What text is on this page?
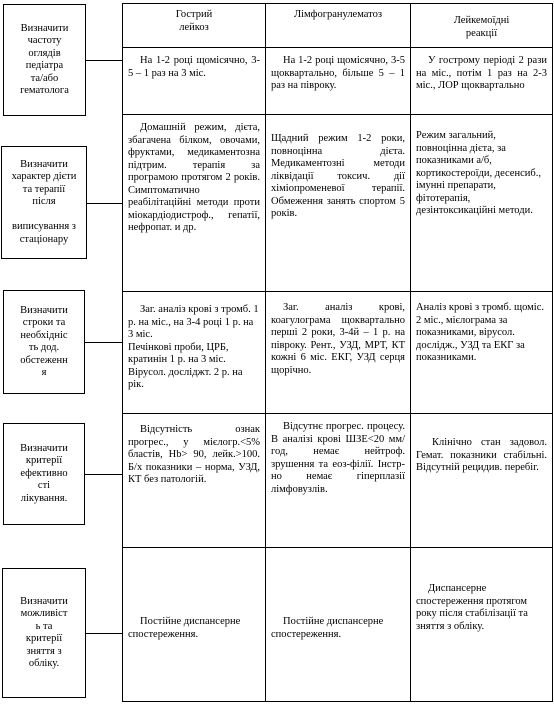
Визначити
частоту
оглядів
педіатра
та/або
гематолога
Визначити
характер дієти
та терапії
після

виписування з
стаціонару
Визначити
строки та
необхідніс
ть дод.
обстеженн
я
Визначити
критерії
ефективно
сті
лікування.
Визначити
можливіст
ь та
критерії
зняття з
обліку.
Гострий
лейкоз
Лімфогранулематоз
Лейкемоїдні
реакції

На 1-2 році щомісячно, 3-5 – 1 раз на 3 міс.

На 1-2 році щомісячно, 3-5 щоквартально, більше 5 – 1 раз на півроку.

У гострому періоді 2 рази на міс., потім 1 раз на 2-3 міс., ЛОР щоквартально

Домашній режим, дієта, збагачена білком, овочами, фруктами, медикаментозна підтрим. терапія за програмою протягом 2 років. Симптоматично реабілітаційні методи проти міокардіодистроф., гепатії, нефропат. и др.

Щадний режим 1-2 роки, повноцінна дієта. Медикаментозні методи ліквідації токсич. дії хіміопроменевої терапії. Обмеження занять спортом 5 років.

Режим загальний, повноцінна дієта, за показниками а/б, кортикостероїди, десенсиб., імунні препарати, фітотерапія, дезінтоксикаційні методи.

Заг. аналіз крові з тромб. 1 р. на міс., на 3-4 році 1 р. на 3 міс.

Печінкові проби, ЦРБ, кратинін 1 р. на 3 міс. Вірусол. досліджт. 2 р. на рік.

Заг. аналіз крові, коагулограма щоквартально перші 2 роки, 3-4й – 1 р. на півроку. Рент., УЗД, МРТ, КТ кожні 6 міс. ЕКГ, УЗД серця щорічно.

Аналіз крові з тромб. щоміс. 2 міс., мієлограма за показниками, вірусол. дослідж., УЗД та ЕКГ за показниками.

Відсутність ознак прогрес., у мієлогр.<5% бластів, Hb> 90, лейк.>100. Б/х показники – норма, УЗД, КТ без патологій.

Відсутнє прогрес. процесу. В аналізі крові ШЗЕ<20 мм/год, немає нейтроф. зрушення та еоз-філії. Інстр-но немає гіперплазії лімфовузлів.

Клінічно стан задовол. Гемат. показники стабільні. Відсутній рецидив. перебіг.

Постійне диспансерне спостереження.

Постійне диспансерне спостереження.

Диспансерне спостереження протягом року після стабілізації та зняття з обліку.
